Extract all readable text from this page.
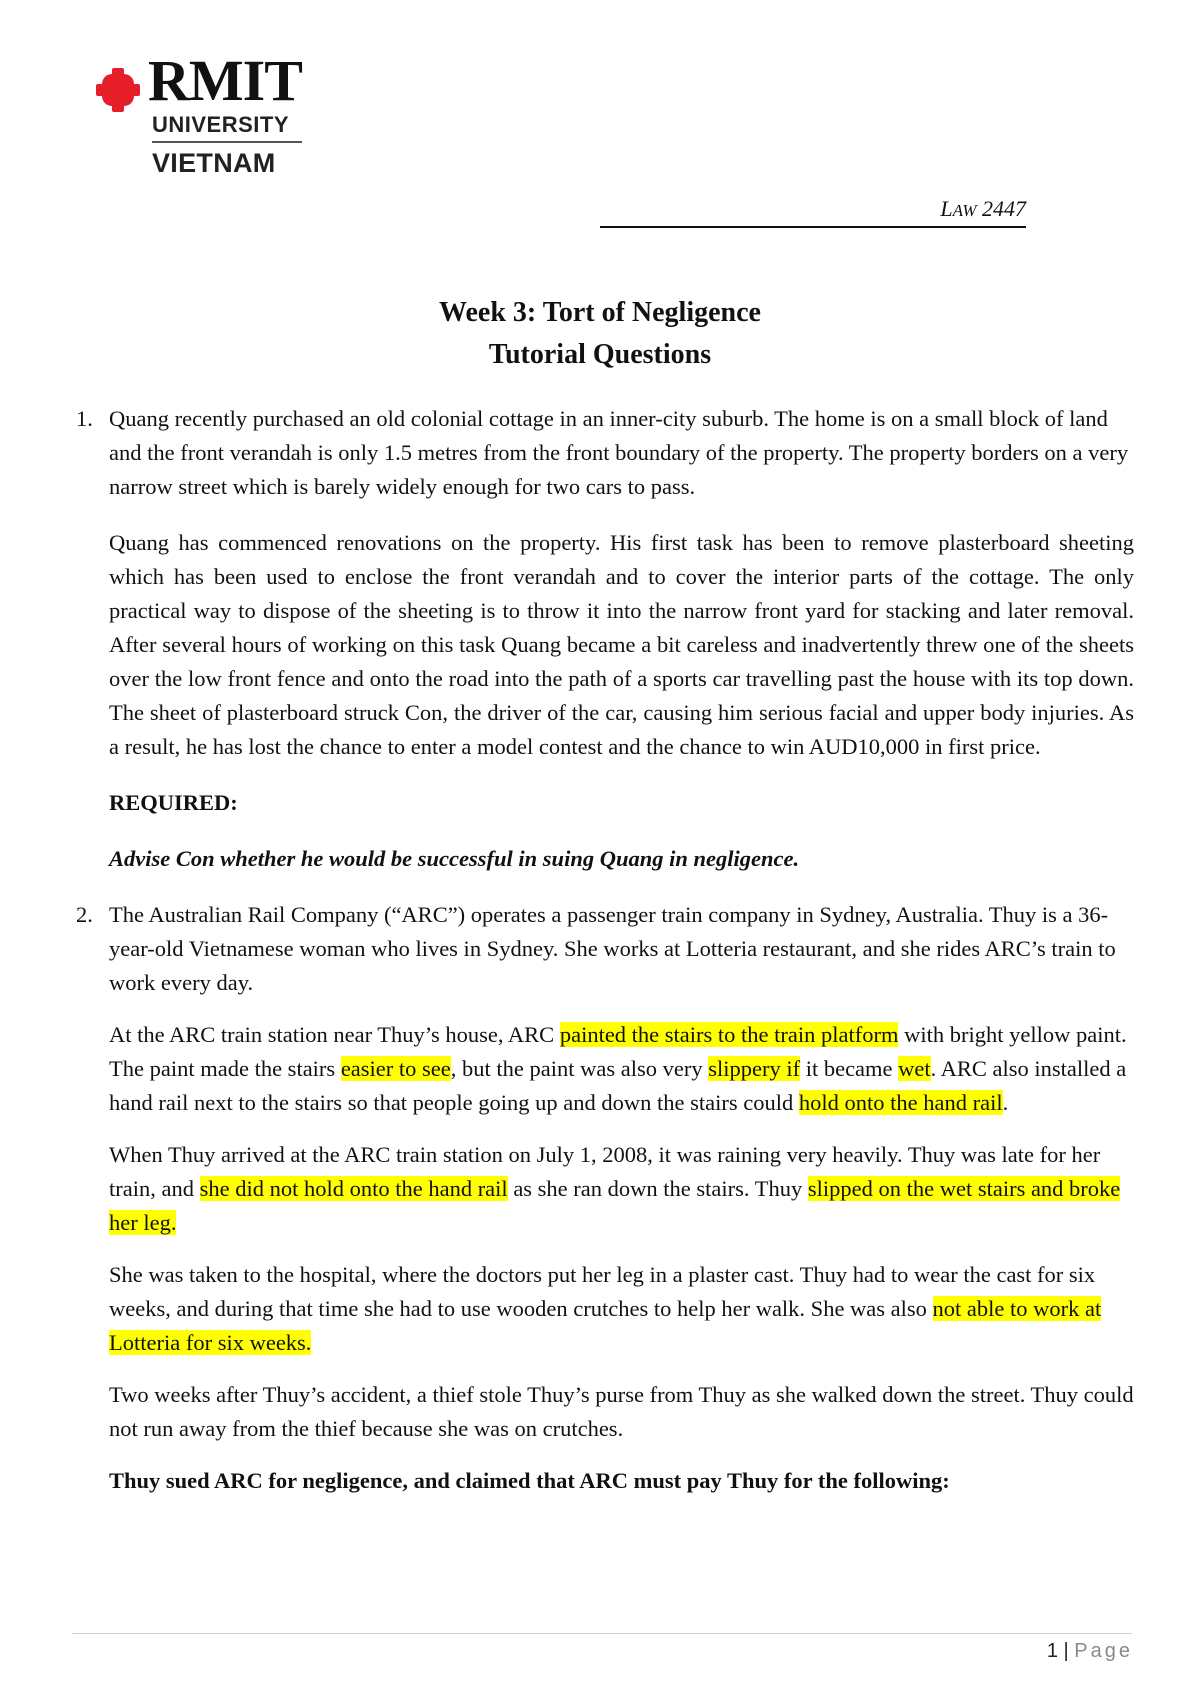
RMIT
UNIVERSITY
VIETNAM
LAW 2447
Week 3: Tort of Negligence
Tutorial Questions
1. Quang recently purchased an old colonial cottage in an inner-city suburb. The home is on a small block of land and the front verandah is only 1.5 metres from the front boundary of the property. The property borders on a very narrow street which is barely widely enough for two cars to pass.

Quang has commenced renovations on the property. His first task has been to remove plasterboard sheeting which has been used to enclose the front verandah and to cover the interior parts of the cottage. The only practical way to dispose of the sheeting is to throw it into the narrow front yard for stacking and later removal. After several hours of working on this task Quang became a bit careless and inadvertently threw one of the sheets over the low front fence and onto the road into the path of a sports car travelling past the house with its top down. The sheet of plasterboard struck Con, the driver of the car, causing him serious facial and upper body injuries. As a result, he has lost the chance to enter a model contest and the chance to win AUD10,000 in first price.

REQUIRED:

Advise Con whether he would be successful in suing Quang in negligence.

2. The Australian Rail Company (“ARC”) operates a passenger train company in Sydney, Australia. Thuy is a 36-year-old Vietnamese woman who lives in Sydney. She works at Lotteria restaurant, and she rides ARC’s train to work every day.

At the ARC train station near Thuy’s house, ARC painted the stairs to the train platform with bright yellow paint. The paint made the stairs easier to see, but the paint was also very slippery if it became wet. ARC also installed a hand rail next to the stairs so that people going up and down the stairs could hold onto the hand rail.

When Thuy arrived at the ARC train station on July 1, 2008, it was raining very heavily. Thuy was late for her train, and she did not hold onto the hand rail as she ran down the stairs. Thuy slipped on the wet stairs and broke her leg.

She was taken to the hospital, where the doctors put her leg in a plaster cast. Thuy had to wear the cast for six weeks, and during that time she had to use wooden crutches to help her walk. She was also not able to work at Lotteria for six weeks.

Two weeks after Thuy’s accident, a thief stole Thuy’s purse from Thuy as she walked down the street. Thuy could not run away from the thief because she was on crutches.

Thuy sued ARC for negligence, and claimed that ARC must pay Thuy for the following:

1 | Page
